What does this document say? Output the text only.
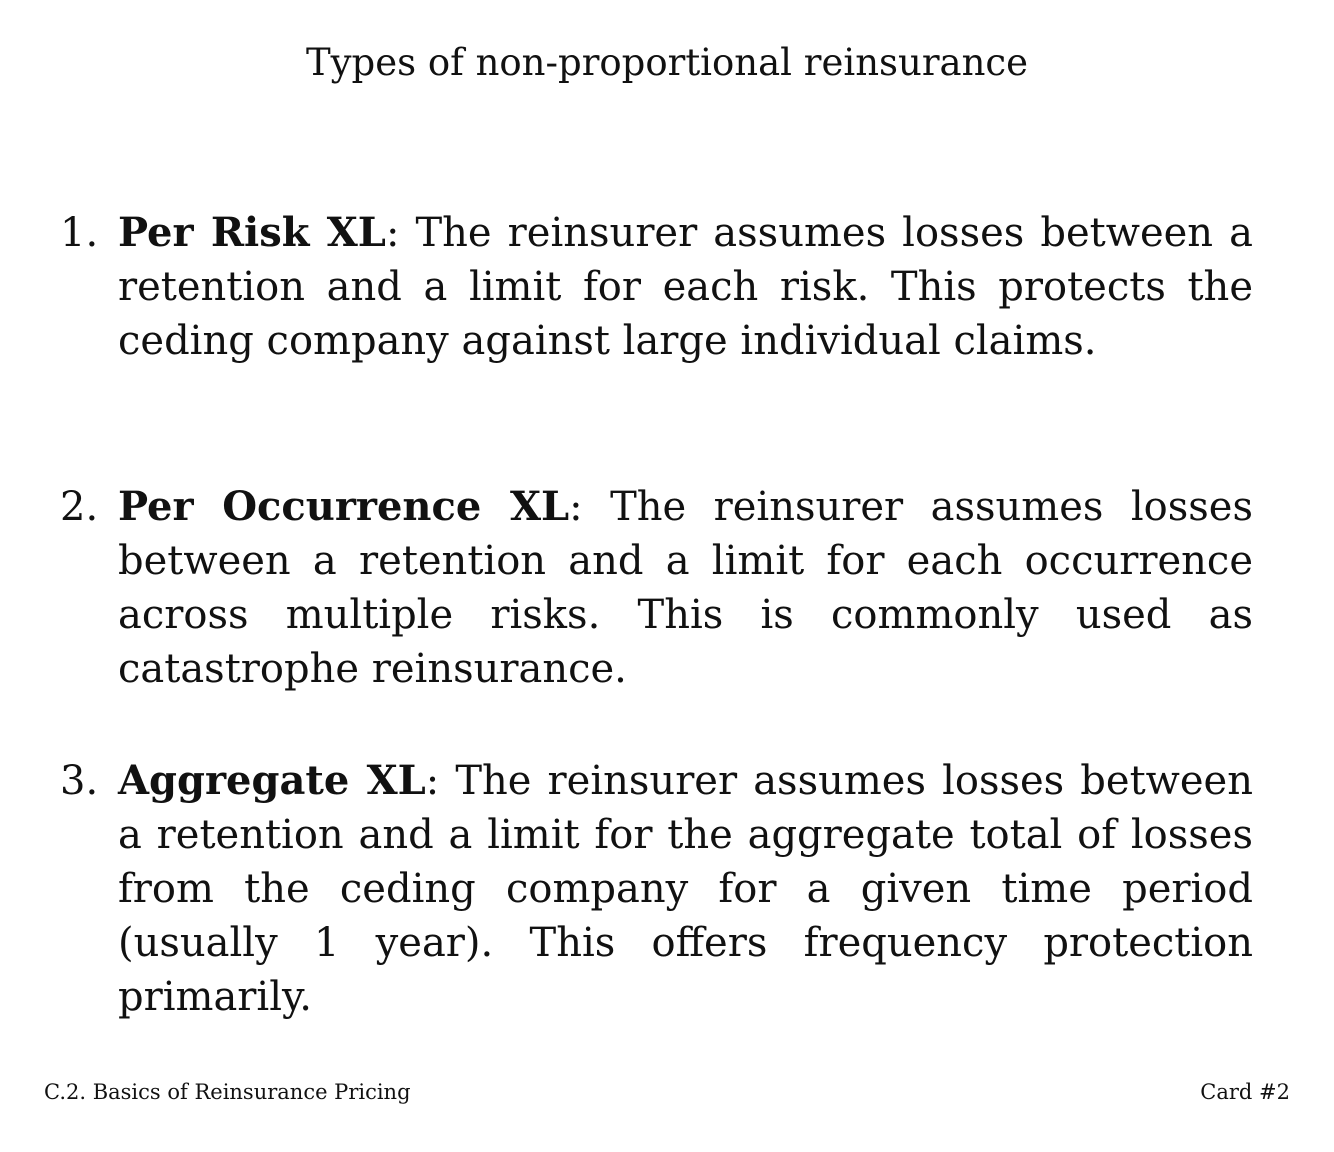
Types of non-proportional reinsurance
1. Per Risk XL: The reinsurer assumes losses between a retention and a limit for each risk. This protects the ceding company against large individual claims.
2. Per Occurrence XL: The reinsurer assumes losses between a retention and a limit for each occurrence across multiple risks. This is commonly used as catastrophe reinsurance.
3. Aggregate XL: The reinsurer assumes losses between a retention and a limit for the aggregate total of losses from the ceding company for a given time period (usually 1 year). This offers frequency protection primarily.
C.2. Basics of Reinsurance Pricing	Card #2
